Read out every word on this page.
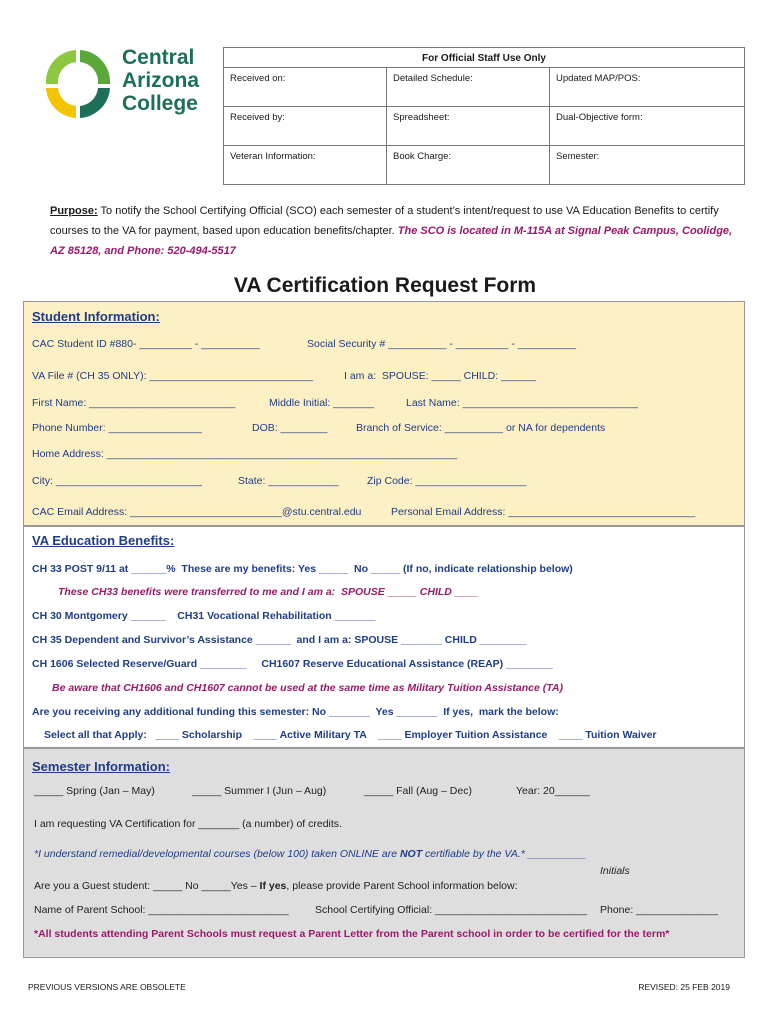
Central
Arizona
College
For Official Staff Use Only		
Received on:	Detailed Schedule:	Updated MAP/POS:
Received by:	Spreadsheet:	Dual-Objective form:
Veteran Information:	Book Charge:	Semester:
Purpose: To notify the School Certifying Official (SCO) each semester of a student’s intent/request to use VA Education Benefits to certify courses to the VA for payment, based upon education benefits/chapter. The SCO is located in M-115A at Signal Peak Campus, Coolidge, AZ 85128, and Phone: 520-494-5517
VA Certification Request Form
Student Information:
CAC Student ID #880- _________ - __________	Social Security # __________ - _________ - __________
VA File # (CH 35 ONLY): ____________________________	I am a:  SPOUSE: _____ CHILD: ______
First Name: _________________________	Middle Initial: _______	Last Name: ______________________________
Phone Number: ________________	DOB: ________	Branch of Service: __________ or NA for dependents
Home Address: ____________________________________________________________
City: _________________________	State: ____________	Zip Code: ___________________
CAC Email Address: __________________________@stu.central.edu	Personal Email Address: ________________________________
VA Education Benefits:
CH 33 POST 9/11 at ______%  These are my benefits: Yes _____  No _____ (If no, indicate relationship below)
These CH33 benefits were transferred to me and I am a:  SPOUSE _____ CHILD ____
CH 30 Montgomery ______    CH31 Vocational Rehabilitation _______
CH 35 Dependent and Survivor’s Assistance ______  and I am a: SPOUSE _______ CHILD ________
CH 1606 Selected Reserve/Guard ________     CH1607 Reserve Educational Assistance (REAP) ________
Be aware that CH1606 and CH1607 cannot be used at the same time as Military Tuition Assistance (TA)
Are you receiving any additional funding this semester: No _______  Yes _______  If yes,  mark the below:
Select all that Apply:   ____ Scholarship    ____ Active Military TA    ____ Employer Tuition Assistance    ____ Tuition Waiver
Semester Information:
_____ Spring (Jan – May)	_____ Summer I (Jun – Aug)	_____ Fall (Aug – Dec)	Year: 20______
I am requesting VA Certification for _______ (a number) of credits.
*I understand remedial/developmental courses (below 100) taken ONLINE are NOT certifiable by the VA.* __________
Initials
Are you a Guest student: _____ No _____Yes – If yes, please provide Parent School information below:
Name of Parent School: ________________________	School Certifying Official: __________________________ Phone: ______________
*All students attending Parent Schools must request a Parent Letter from the Parent school in order to be certified for the term*
PREVIOUS VERSIONS ARE OBSOLETE	REVISED: 25 FEB 2019
